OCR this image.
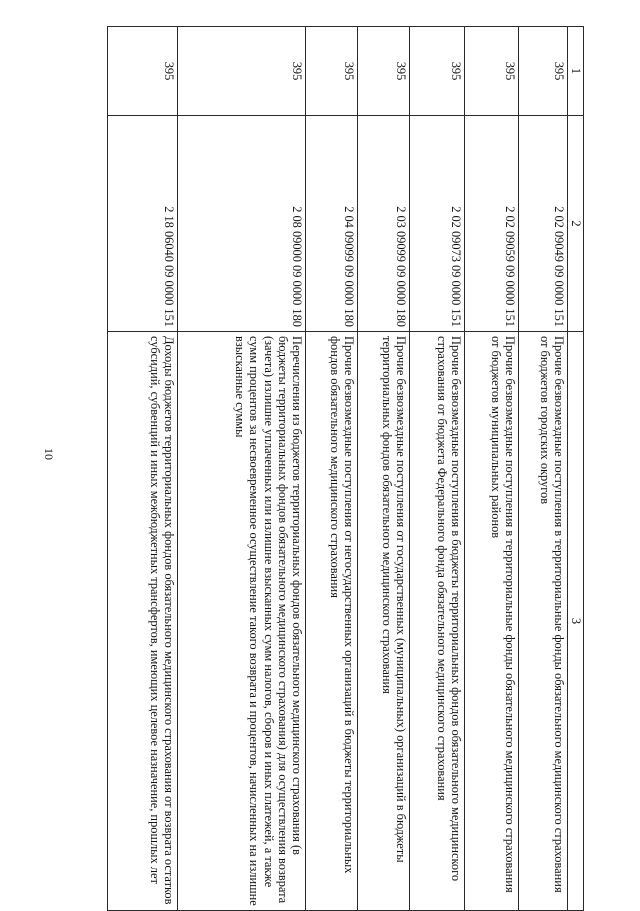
10
1	2	3
395	2 02 09049 09 0000 151	Прочие безвозмездные поступления в территориальные фонды обязательного медицинского страхования от бюджетов городских округов
395	2 02 09059 09 0000 151	Прочие безвозмездные поступления в территориальные фонды обязательного медицинского страхования от бюджетов муниципальных районов
395	2 02 09073 09 0000 151	Прочие безвозмездные поступления в бюджеты территориальных фондов обязательного медицинского страхования от бюджета Федерального фонда обязательного медицинского страхования
395	2 03 09099 09 0000 180	Прочие безвозмездные поступления от государственных (муниципальных) организаций в бюджеты территориальных фондов обязательного медицинского страхования
395	2 04 09099 09 0000 180	Прочие безвозмездные поступления от негосударственных организаций в бюджеты территориальных фондов обязательного медицинского страхования
395	2 08 09000 09 0000 180	Перечисления из бюджетов территориальных фондов обязательного медицинского страхования (в бюджеты территориальных фондов обязательного медицинского страхования) для осуществления возврата (зачета) излишне уплаченных или излишне взысканных сумм налогов, сборов и иных платежей, а также сумм процентов за несвоевременное осуществление такого возврата и процентов, начисленных на излишне взысканные суммы
395	2 18 06040 09 0000 151	Доходы бюджетов территориальных фондов обязательного медицинского страхования от возврата остатков субсидий, субвенций и иных межбюджетных трансфертов, имеющих целевое назначение, прошлых лет
